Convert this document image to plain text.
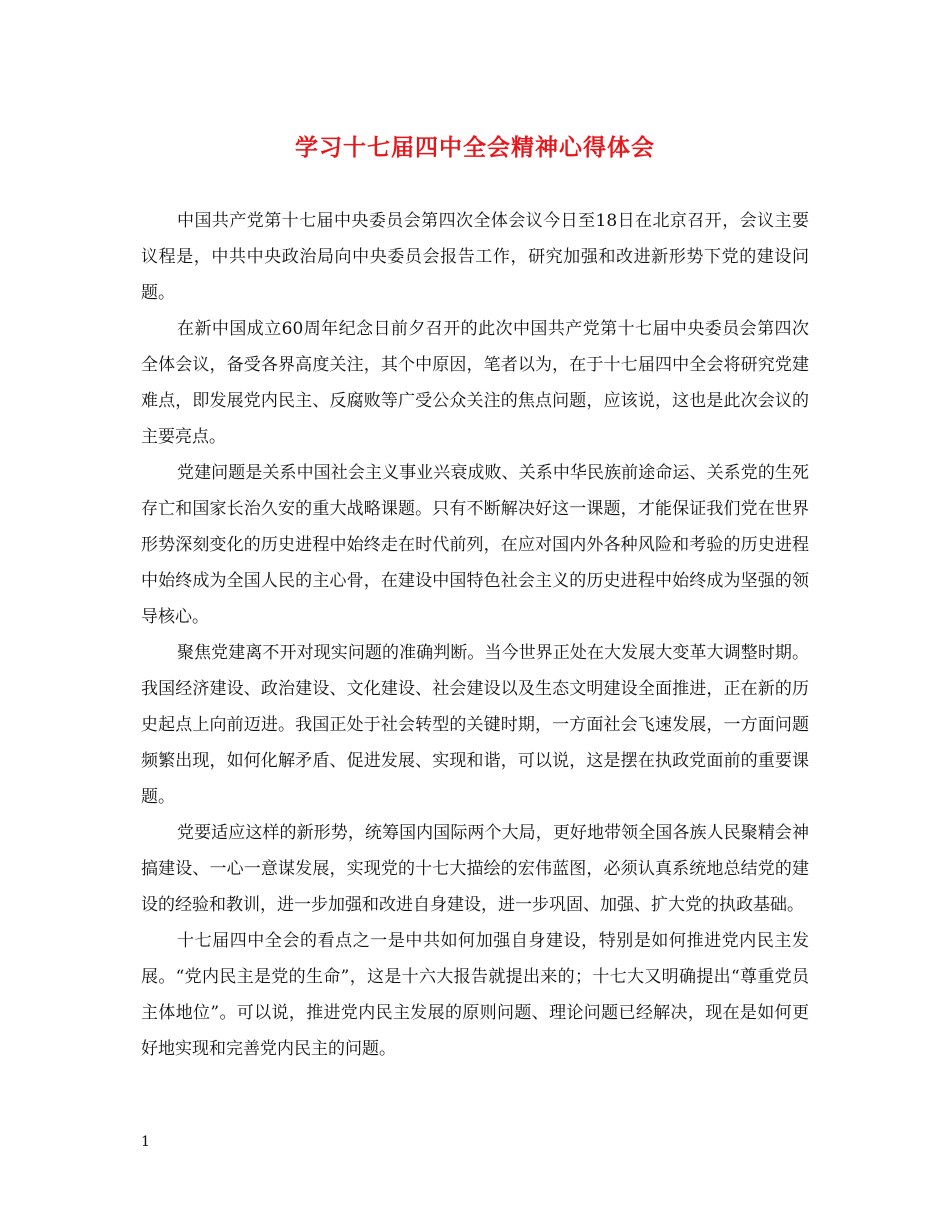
学习十七届四中全会精神心得体会

中国共产党第十七届中央委员会第四次全体会议今日至18日在北京召开，会议主要议程是，中共中央政治局向中央委员会报告工作，研究加强和改进新形势下党的建设问题。

在新中国成立60周年纪念日前夕召开的此次中国共产党第十七届中央委员会第四次全体会议，备受各界高度关注，其个中原因，笔者以为，在于十七届四中全会将研究党建难点，即发展党内民主、反腐败等广受公众关注的焦点问题，应该说，这也是此次会议的主要亮点。

党建问题是关系中国社会主义事业兴衰成败、关系中华民族前途命运、关系党的生死存亡和国家长治久安的重大战略课题。只有不断解决好这一课题，才能保证我们党在世界形势深刻变化的历史进程中始终走在时代前列，在应对国内外各种风险和考验的历史进程中始终成为全国人民的主心骨，在建设中国特色社会主义的历史进程中始终成为坚强的领导核心。

聚焦党建离不开对现实问题的准确判断。当今世界正处在大发展大变革大调整时期。我国经济建设、政治建设、文化建设、社会建设以及生态文明建设全面推进，正在新的历史起点上向前迈进。我国正处于社会转型的关键时期，一方面社会飞速发展，一方面问题频繁出现，如何化解矛盾、促进发展、实现和谐，可以说，这是摆在执政党面前的重要课题。

党要适应这样的新形势，统筹国内国际两个大局，更好地带领全国各族人民聚精会神搞建设、一心一意谋发展，实现党的十七大描绘的宏伟蓝图，必须认真系统地总结党的建设的经验和教训，进一步加强和改进自身建设，进一步巩固、加强、扩大党的执政基础。

十七届四中全会的看点之一是中共如何加强自身建设，特别是如何推进党内民主发展。“党内民主是党的生命”，这是十六大报告就提出来的；十七大又明确提出“尊重党员主体地位”。可以说，推进党内民主发展的原则问题、理论问题已经解决，现在是如何更好地实现和完善党内民主的问题。

1
